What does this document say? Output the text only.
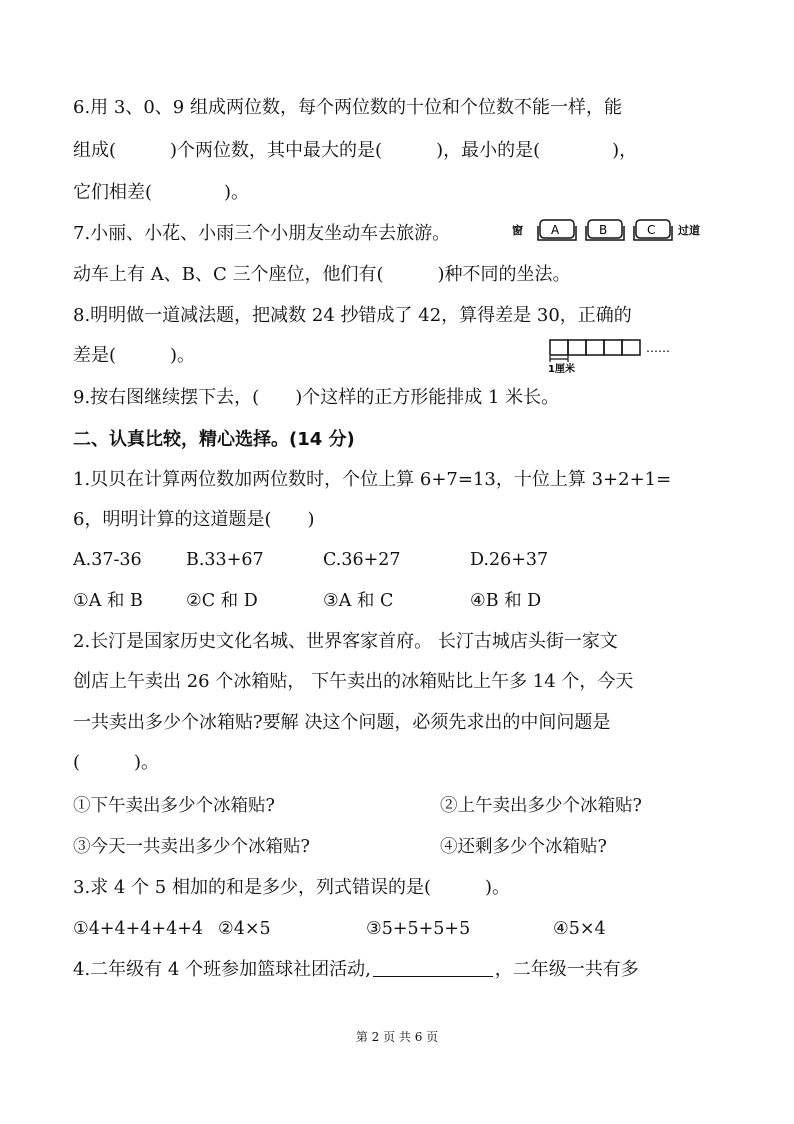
6.用 3、0、9 组成两位数，每个两位数的十位和个位数不能一样，能
组成(　　　)个两位数，其中最大的是(　　　)，最小的是(　　　　)，
它们相差(　　　　)。
7.小丽、小花、小雨三个小朋友坐动车去旅游。	窗 A	B	C 过道
动车上有 A、B、C 三个座位，他们有(　　　)种不同的坐法。
8.明明做一道减法题，把减数 24 抄错成了 42，算得差是 30，正确的
差是(　　　)。
1厘米
……
9.按右图继续摆下去，(　　)个这样的正方形能排成 1 米长。
二、认真比较，精心选择。(14 分)
1.贝贝在计算两位数加两位数时，个位上算 6+7=13，十位上算 3+2+1=
6，明明计算的这道题是(　　)
A.37-36	B.33+67	C.36+27	D.26+37
①A 和 B ②C 和 D	③A 和 C	④B 和 D
2.长汀是国家历史文化名城、世界客家首府。 长汀古城店头街一家文
创店上午卖出 26 个冰箱贴， 下午卖出的冰箱贴比上午多 14 个，今天
一共卖出多少个冰箱贴?要解 决这个问题，必须先求出的中间问题是
(　　　)。
①下午卖出多少个冰箱贴?	②上午卖出多少个冰箱贴?
③今天一共卖出多少个冰箱贴?	④还剩多少个冰箱贴?
3.求 4 个 5 相加的和是多少，列式错误的是(　　　)。
①4+4+4+4+4 ②4×5	③5+5+5+5	④5×4
4.二年级有 4 个班参加篮球社团活动,	，二年级一共有多
第 2 页 共 6 页
